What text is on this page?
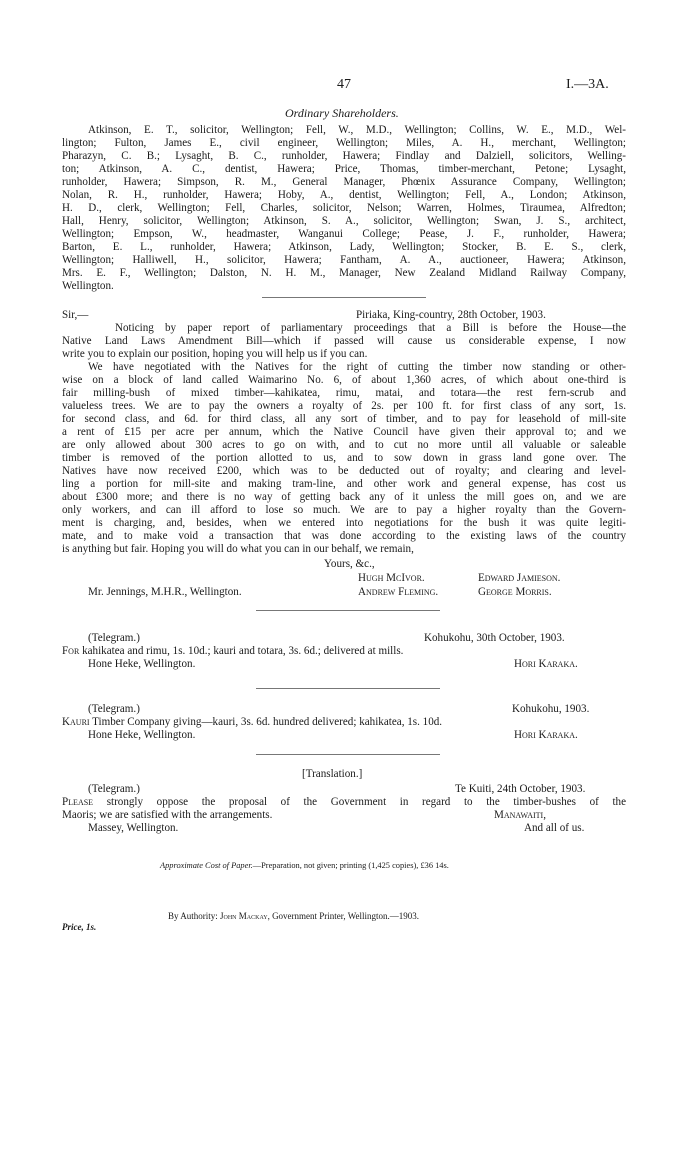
47	I.—3A.
Ordinary Shareholders.
Atkinson, E. T., solicitor, Wellington; Fell, W., M.D., Wellington; Collins, W. E., M.D., Wel-
lington; Fulton, James E., civil engineer, Wellington; Miles, A. H., merchant, Wellington;
Pharazyn, C. B.; Lysaght, B. C., runholder, Hawera; Findlay and Dalziell, solicitors, Welling-
ton; Atkinson, A. C., dentist, Hawera; Price, Thomas, timber-merchant, Petone; Lysaght,
runholder, Hawera; Simpson, R. M., General Manager, Phœnix Assurance Company, Wellington;
Nolan, R. H., runholder, Hawera; Hoby, A., dentist, Wellington; Fell, A., London; Atkinson,
H. D., clerk, Wellington; Fell, Charles, solicitor, Nelson; Warren, Holmes, Tiraumea, Alfredton;
Hall, Henry, solicitor, Wellington; Atkinson, S. A., solicitor, Wellington; Swan, J. S., architect,
Wellington; Empson, W., headmaster, Wanganui College; Pease, J. F., runholder, Hawera;
Barton, E. L., runholder, Hawera; Atkinson, Lady, Wellington; Stocker, B. E. S., clerk,
Wellington; Halliwell, H., solicitor, Hawera; Fantham, A. A., auctioneer, Hawera; Atkinson,
Mrs. E. F., Wellington; Dalston, N. H. M., Manager, New Zealand Midland Railway Company,
Wellington.
Sir,—	Piriaka, King-country, 28th October, 1903.
Noticing by paper report of parliamentary proceedings that a Bill is before the House—the
Native Land Laws Amendment Bill—which if passed will cause us considerable expense, I now
write you to explain our position, hoping you will help us if you can.
We have negotiated with the Natives for the right of cutting the timber now standing or other-
wise on a block of land called Waimarino No. 6, of about 1,360 acres, of which about one-third is
fair milling-bush of mixed timber—kahikatea, rimu, matai, and totara—the rest fern-scrub and
valueless trees. We are to pay the owners a royalty of 2s. per 100 ft. for first class of any sort, 1s.
for second class, and 6d. for third class, all any sort of timber, and to pay for leasehold of mill-site
a rent of £15 per acre per annum, which the Native Council have given their approval to; and we
are only allowed about 300 acres to go on with, and to cut no more until all valuable or saleable
timber is removed of the portion allotted to us, and to sow down in grass land gone over. The
Natives have now received £200, which was to be deducted out of royalty; and clearing and level-
ling a portion for mill-site and making tram-line, and other work and general expense, has cost us
about £300 more; and there is no way of getting back any of it unless the mill goes on, and we are
only workers, and can ill afford to lose so much. We are to pay a higher royalty than the Govern-
ment is charging, and, besides, when we entered into negotiations for the bush it was quite legiti-
mate, and to make void a transaction that was done according to the existing laws of the country
is anything but fair. Hoping you will do what you can in our behalf, we remain,
Yours, &c.,
Hugh McIvor.	Edward Jamieson.
Mr. Jennings, M.H.R., Wellington.	Andrew Fleming.	George Morris.
(Telegram.)	Kohukohu, 30th October, 1903.
For kahikatea and rimu, 1s. 10d.; kauri and totara, 3s. 6d.; delivered at mills.
Hone Heke, Wellington.	Hori Karaka.
(Telegram.)	Kohukohu, 1903.
Kauri Timber Company giving—kauri, 3s. 6d. hundred delivered; kahikatea, 1s. 10d.
Hone Heke, Wellington.	Hori Karaka.
[Translation.]
(Telegram.)	Te Kuiti, 24th October, 1903.
Please strongly oppose the proposal of the Government in regard to the timber-bushes of the
Maoris; we are satisfied with the arrangements.	Manawaiti,
Massey, Wellington.	And all of us.
Approximate Cost of Paper.—Preparation, not given; printing (1,425 copies), £36 14s.
By Authority: John Mackay, Government Printer, Wellington.—1903.
Price, 1s.
